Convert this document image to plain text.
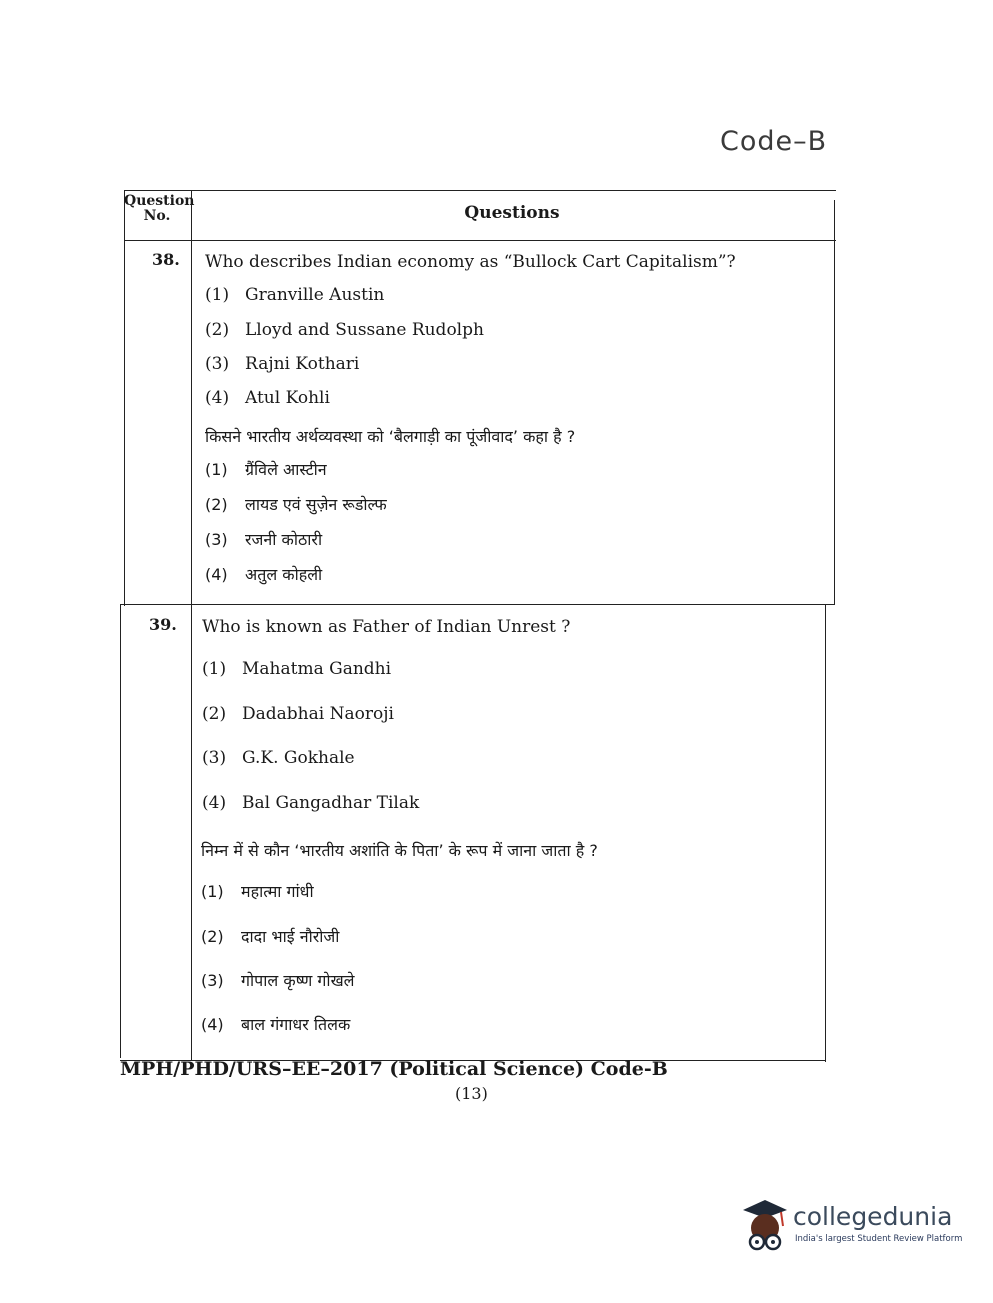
Code–B
Question
No.	Questions
38. Who describes Indian economy as “Bullock Cart Capitalism”?
(1) Granville Austin
(2) Lloyd and Sussane Rudolph
(3) Rajni Kothari
(4) Atul Kohli
किसने भारतीय अर्थव्यवस्था को ‘बैलगाड़ी का पूंजीवाद’ कहा है ?
(1) ग्रैंविले आस्टीन
(2) लायड एवं सुज़ेन रूडोल्फ
(3) रजनी कोठारी
(4) अतुल कोहली
39. Who is known as Father of Indian Unrest ?
(1) Mahatma Gandhi
(2) Dadabhai Naoroji
(3) G.K. Gokhale
(4) Bal Gangadhar Tilak
निम्न में से कौन ‘भारतीय अशांति के पिता’ के रूप में जाना जाता है ?
(1) महात्मा गांधी
(2) दादा भाई नौरोजी
(3) गोपाल कृष्ण गोखले
(4) बाल गंगाधर तिलक
MPH/PHD/URS–EE–2017 (Political Science) Code-B
(13)
collegedunia
India's largest Student Review Platform
